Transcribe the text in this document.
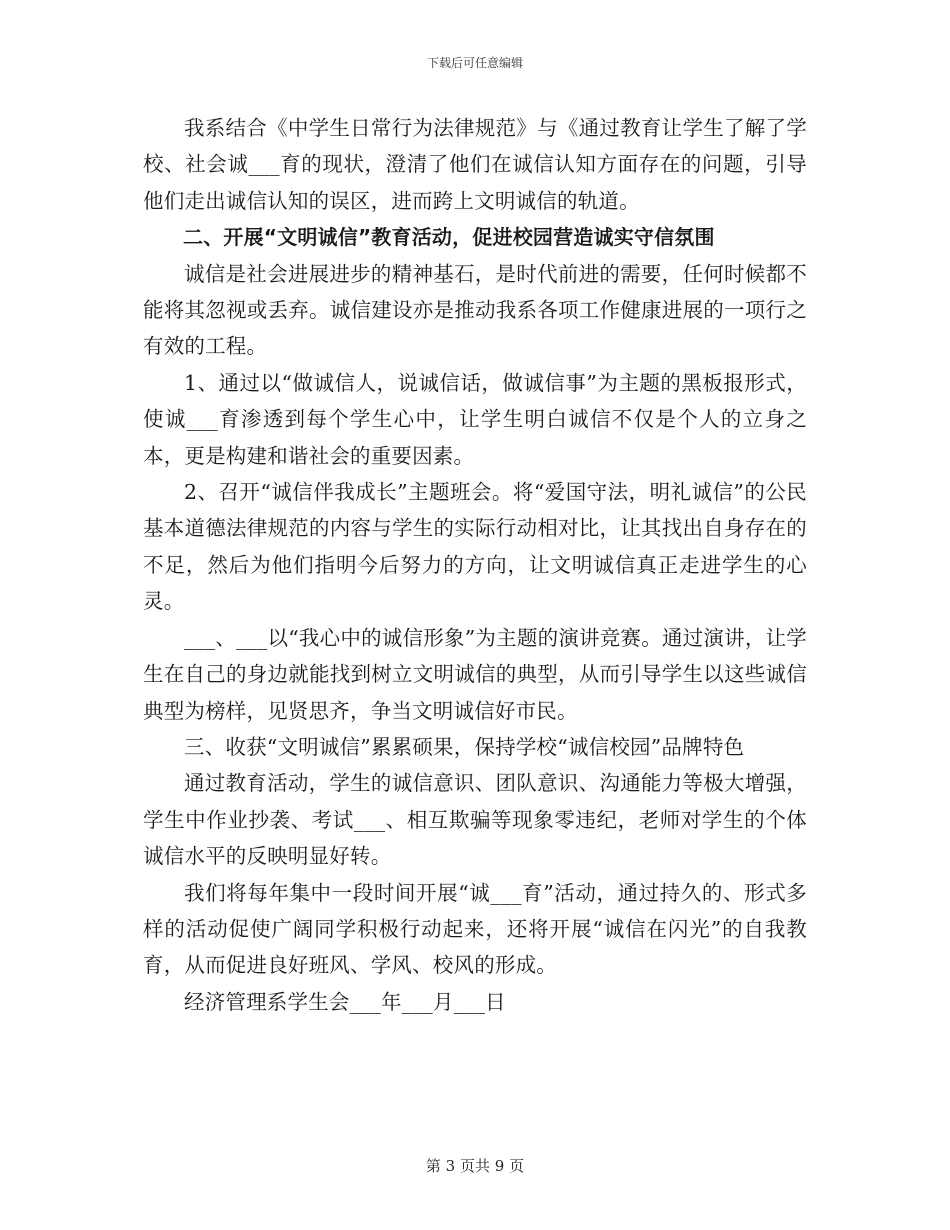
下载后可任意编辑

我系结合《中学生日常行为法律规范》与《通过教育让学生了解了学校、社会诚___育的现状，澄清了他们在诚信认知方面存在的问题，引导他们走出诚信认知的误区，进而跨上文明诚信的轨道。

二、开展“文明诚信”教育活动，促进校园营造诚实守信氛围

诚信是社会进展进步的精神基石，是时代前进的需要，任何时候都不能将其忽视或丢弃。诚信建设亦是推动我系各项工作健康进展的一项行之有效的工程。

1、通过以“做诚信人，说诚信话，做诚信事”为主题的黑板报形式，使诚___育渗透到每个学生心中，让学生明白诚信不仅是个人的立身之本，更是构建和谐社会的重要因素。

2、召开“诚信伴我成长”主题班会。将“爱国守法，明礼诚信”的公民基本道德法律规范的内容与学生的实际行动相对比，让其找出自身存在的不足，然后为他们指明今后努力的方向，让文明诚信真正走进学生的心灵。

___、___以“我心中的诚信形象”为主题的演讲竞赛。通过演讲，让学生在自己的身边就能找到树立文明诚信的典型，从而引导学生以这些诚信典型为榜样，见贤思齐，争当文明诚信好市民。

三、收获“文明诚信”累累硕果，保持学校“诚信校园”品牌特色

通过教育活动，学生的诚信意识、团队意识、沟通能力等极大增强，学生中作业抄袭、考试___、相互欺骗等现象零违纪，老师对学生的个体诚信水平的反映明显好转。

我们将每年集中一段时间开展“诚___育”活动，通过持久的、形式多样的活动促使广阔同学积极行动起来，还将开展“诚信在闪光”的自我教育，从而促进良好班风、学风、校风的形成。

经济管理系学生会___年___月___日

第 3 页共 9 页
